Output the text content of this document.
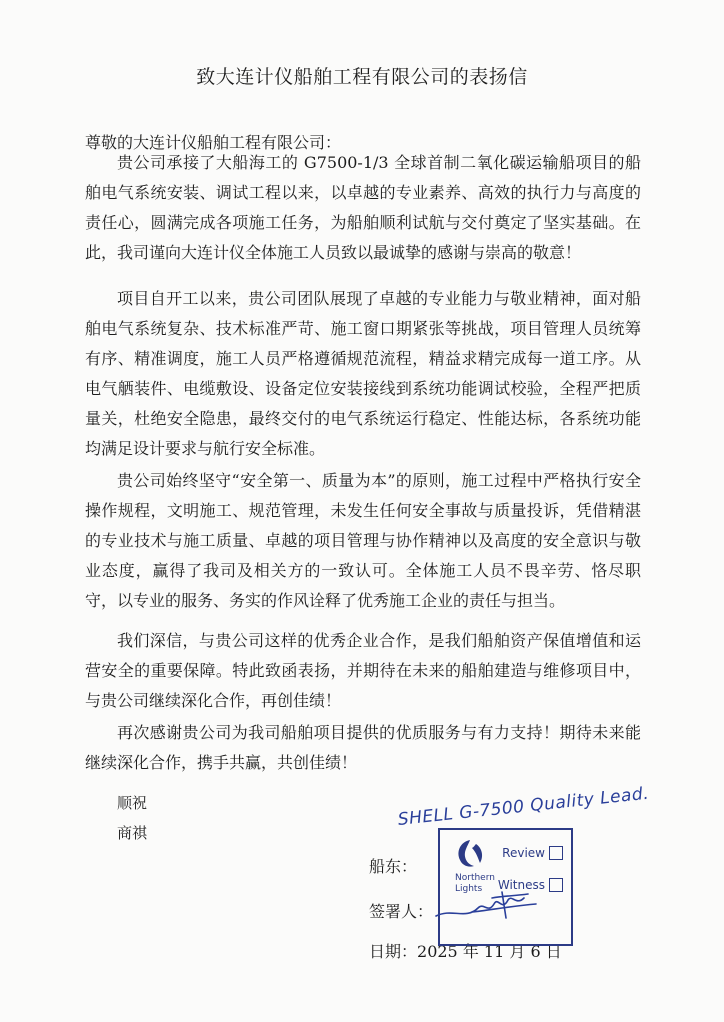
致大连计仪船舶工程有限公司的表扬信
尊敬的大连计仪船舶工程有限公司：

贵公司承接了大船海工的 G7500-1/3 全球首制二氧化碳运输船项目的船舶电气系统安装、调试工程以来，以卓越的专业素养、高效的执行力与高度的责任心，圆满完成各项施工任务，为船舶顺利试航与交付奠定了坚实基础。在此，我司谨向大连计仪全体施工人员致以最诚挚的感谢与崇高的敬意！

项目自开工以来，贵公司团队展现了卓越的专业能力与敬业精神，面对船舶电气系统复杂、技术标准严苛、施工窗口期紧张等挑战，项目管理人员统筹有序、精准调度，施工人员严格遵循规范流程，精益求精完成每一道工序。从电气舾装件、电缆敷设、设备定位安装接线到系统功能调试校验，全程严把质量关，杜绝安全隐患，最终交付的电气系统运行稳定、性能达标，各系统功能均满足设计要求与航行安全标准。

贵公司始终坚守“安全第一、质量为本”的原则，施工过程中严格执行安全操作规程，文明施工、规范管理，未发生任何安全事故与质量投诉，凭借精湛的专业技术与施工质量、卓越的项目管理与协作精神以及高度的安全意识与敬业态度，赢得了我司及相关方的一致认可。全体施工人员不畏辛劳、恪尽职守，以专业的服务、务实的作风诠释了优秀施工企业的责任与担当。

我们深信，与贵公司这样的优秀企业合作，是我们船舶资产保值增值和运营安全的重要保障。特此致函表扬，并期待在未来的船舶建造与维修项目中，与贵公司继续深化合作，再创佳绩！

再次感谢贵公司为我司船舶项目提供的优质服务与有力支持！期待未来能继续深化合作，携手共赢，共创佳绩！

顺祝
商祺
SHELL G-7500 Quality Lead.
船东：
签署人：
日期：2025 年 11 月 6 日
Northern
Lights
Review
Witness
